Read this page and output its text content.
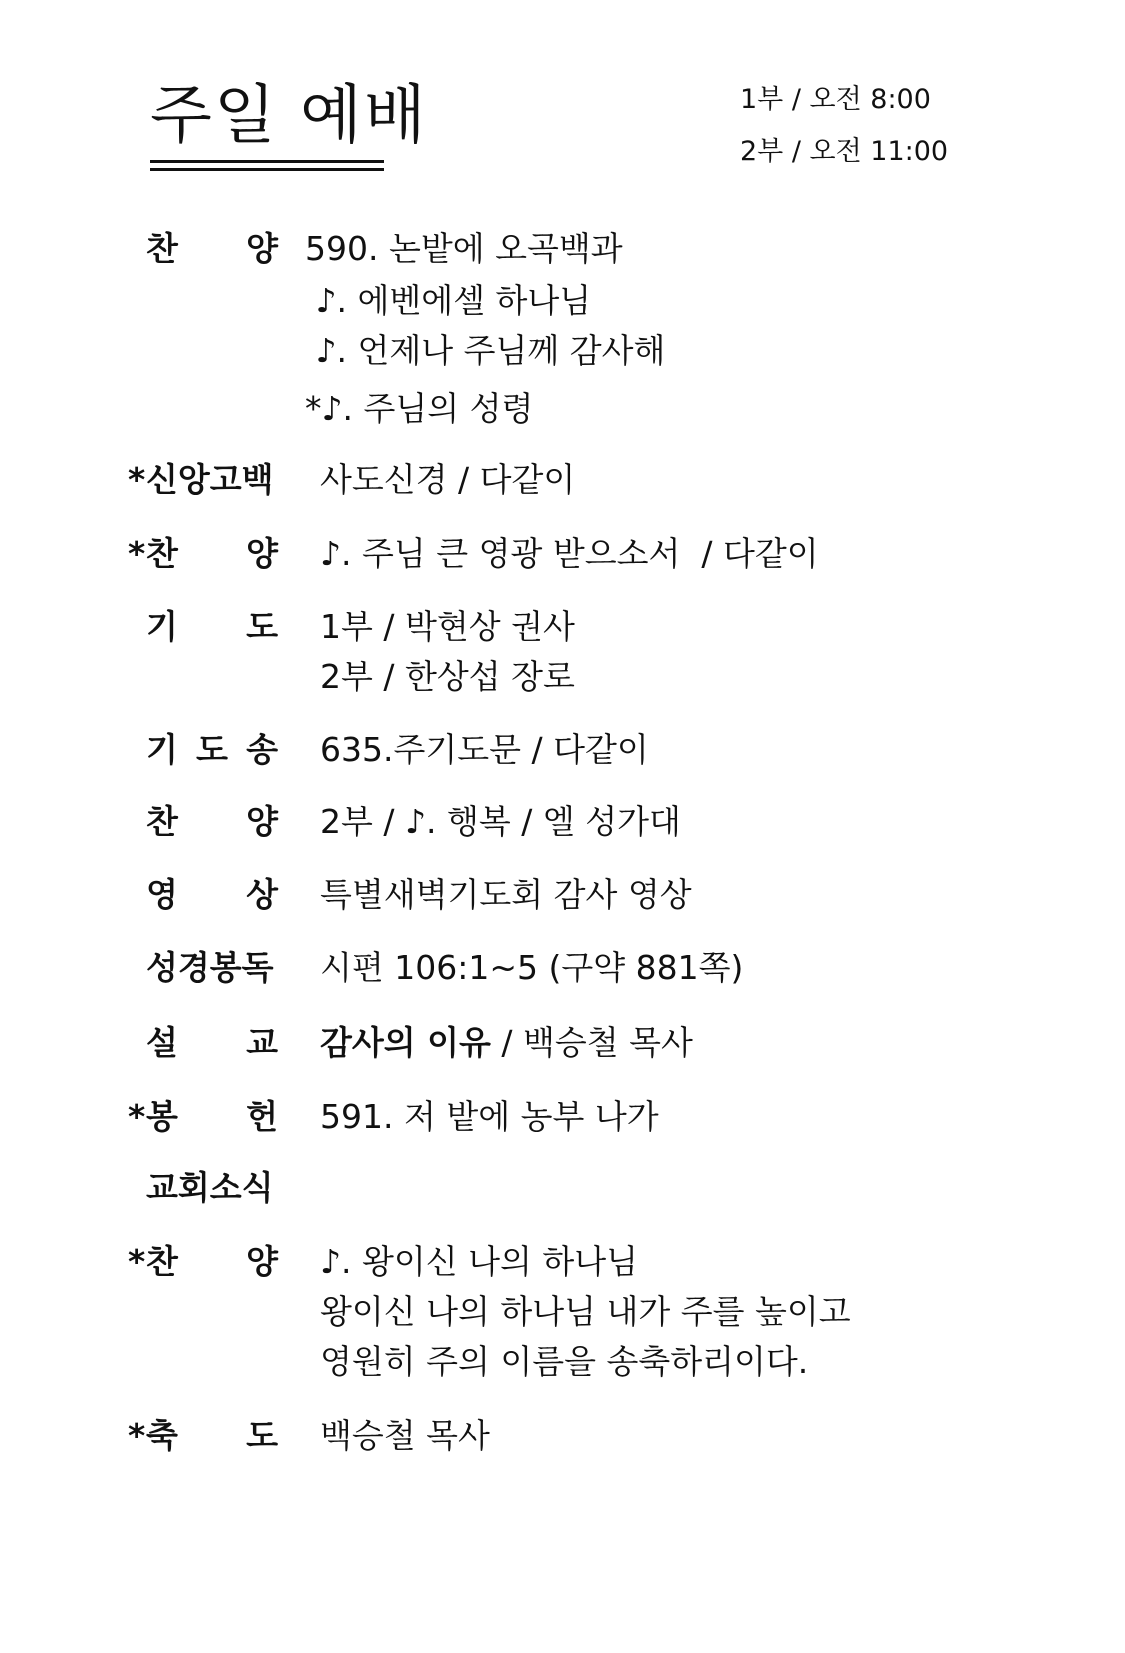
주일 예배	1부 / 오전 8:00
2부 / 오전 11:00
찬 양 590. 논밭에 오곡백과
♪. 에벤에셀 하나님
♪. 언제나 주님께 감사해
*♪. 주님의 성령
* 신앙고백 사도신경 / 다같이
* 찬 양 ♪. 주님 큰 영광 받으소서  / 다같이
기 도 1부 / 박현상 권사
2부 / 한상섭 장로
기 도 송 635.주기도문 / 다같이
찬 양 2부 / ♪. 행복 / 엘 성가대
영 상 특별새벽기도회 감사 영상
성경봉독 시편 106:1~5 (구약 881쪽)
설 교 감사의 이유 / 백승철 목사
* 봉 헌 591. 저 밭에 농부 나가
교회소식
* 찬 양 ♪. 왕이신 나의 하나님
왕이신 나의 하나님 내가 주를 높이고
영원히 주의 이름을 송축하리이다.
* 축 도 백승철 목사
